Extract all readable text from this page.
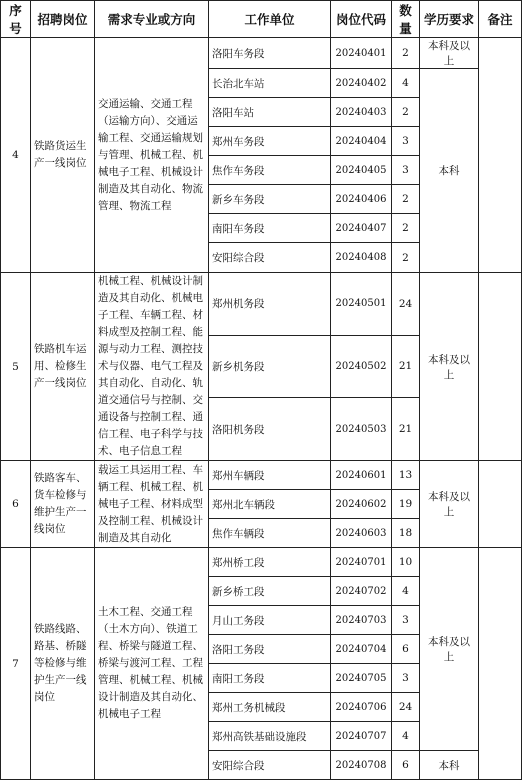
序号	招聘岗位	需求专业或方向	工作单位	岗位代码	数量	学历要求	备注
4	铁路货运生产一线岗位	交通运输、交通工程（运输方向）、交通运输工程、交通运输规划与管理、机械工程、机械电子工程、机械设计制造及其自动化、物流管理、物流工程	洛阳车务段	20240401	2	本科及以上	
			长治北车站	20240402	4	本科	
			洛阳车站	20240403	2		
			郑州车务段	20240404	3		
			焦作车务段	20240405	3		
			新乡车务段	20240406	2		
			南阳车务段	20240407	2		
			安阳综合段	20240408	2		
5	铁路机车运用、检修生产一线岗位	机械工程、机械设计制造及其自动化、机械电子工程、车辆工程、材料成型及控制工程、能源与动力工程、测控技术与仪器、电气工程及其自动化、自动化、轨道交通信号与控制、交通设备与控制工程、通信工程、电子科学与技术、电子信息工程	郑州机务段	20240501	24	本科及以上	
			新乡机务段	20240502	21		
			洛阳机务段	20240503	21		
6	铁路客车、货车检修与维护生产一线岗位	载运工具运用工程、车辆工程、机械工程、机械电子工程、材料成型及控制工程、机械设计制造及其自动化	郑州车辆段	20240601	13	本科及以上	
			郑州北车辆段	20240602	19		
			焦作车辆段	20240603	18		
7	铁路线路、路基、桥隧等检修与维护生产一线岗位	土木工程、交通工程（土木方向）、铁道工程、桥梁与隧道工程、桥梁与渡河工程、工程管理、机械工程、机械设计制造及其自动化、机械电子工程	郑州桥工段	20240701	10	本科及以上	
			新乡桥工段	20240702	4		
			月山工务段	20240703	3		
			洛阳工务段	20240704	6		
			南阳工务段	20240705	3		
			郑州工务机械段	20240706	24		
			郑州高铁基础设施段	20240707	4		
			安阳综合段	20240708	6	本科	
